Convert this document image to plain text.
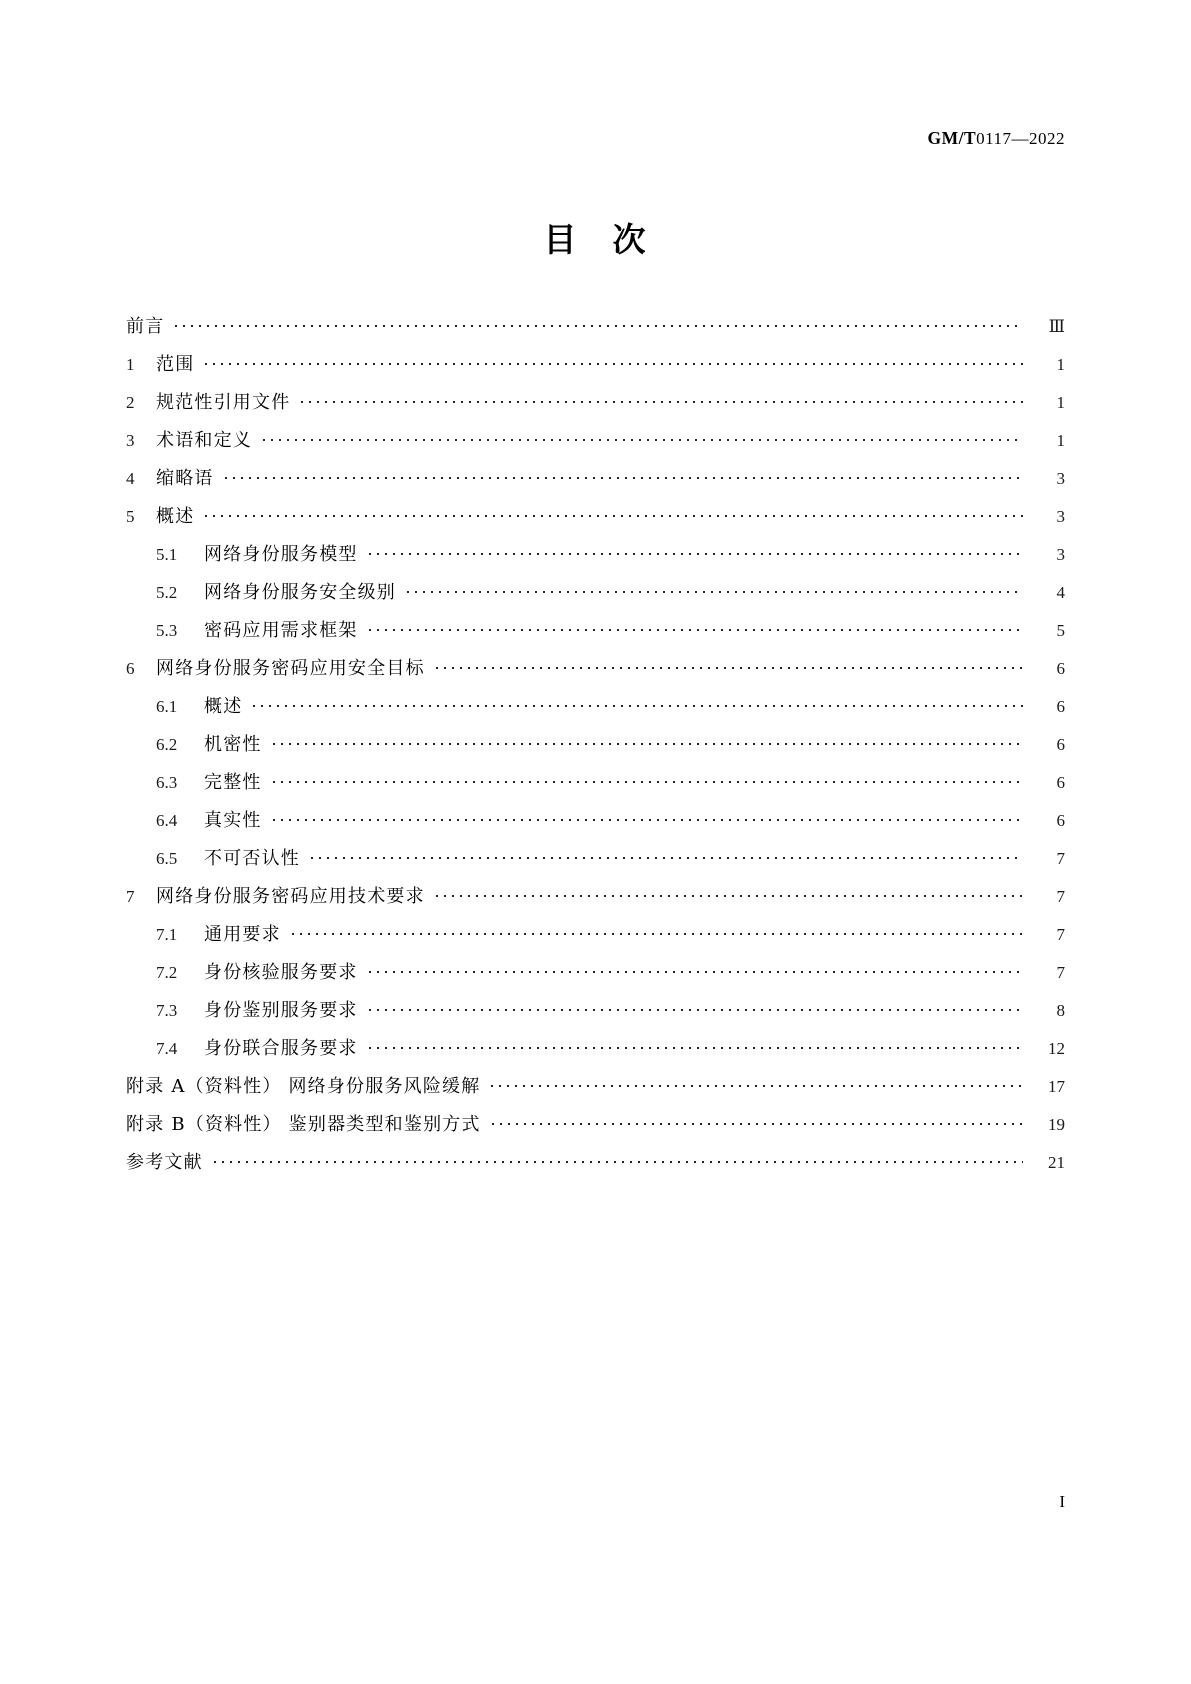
GM/T0117—2022
目 次
前言	Ⅲ
1	范围	1
2	规范性引用文件	1
3	术语和定义	1
4	缩略语	3
5	概述	3
5.1	网络身份服务模型	3
5.2	网络身份服务安全级别	4
5.3	密码应用需求框架	5
6	网络身份服务密码应用安全目标	6
6.1	概述	6
6.2	机密性	6
6.3	完整性	6
6.4	真实性	6
6.5	不可否认性	7
7	网络身份服务密码应用技术要求	7
7.1	通用要求	7
7.2	身份核验服务要求	7
7.3	身份鉴别服务要求	8
7.4	身份联合服务要求	12
附录 A（资料性） 网络身份服务风险缓解	17
附录 B（资料性） 鉴别器类型和鉴别方式	19
参考文献	21
I
